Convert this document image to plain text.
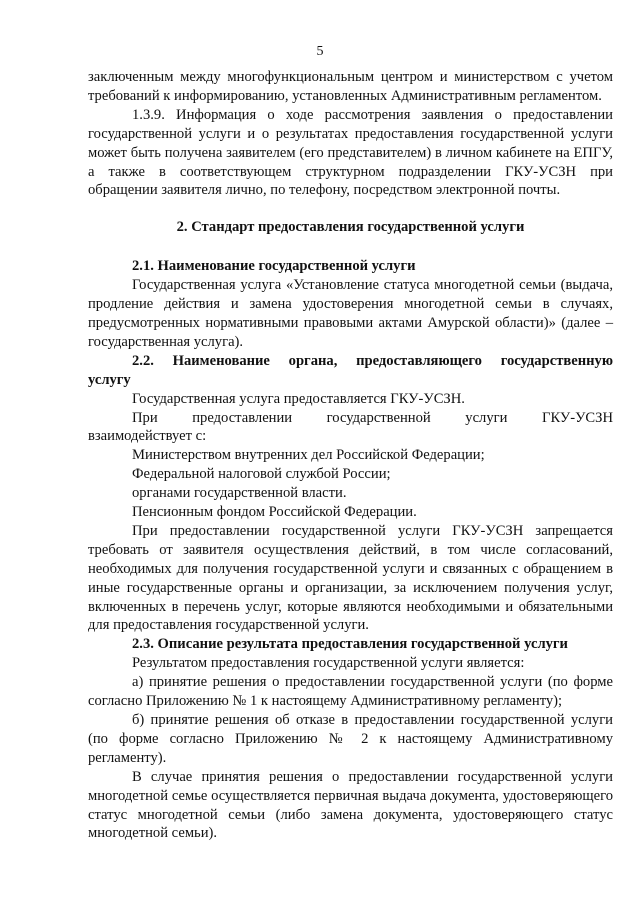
5

заключенным между многофункциональным центром и министерством с учетом требований к информированию, установленных Административным регламентом.

1.3.9. Информация о ходе рассмотрения заявления о предоставлении государственной услуги и о результатах предоставления государственной услуги может быть получена заявителем (его представителем) в личном кабинете на ЕПГУ, а также в соответствующем структурном подразделении ГКУ-УСЗН при обращении заявителя лично, по телефону, посредством электронной почты.

2. Стандарт предоставления государственной услуги

2.1. Наименование государственной услуги

Государственная услуга «Установление статуса многодетной семьи (выдача, продление действия и замена удостоверения многодетной семьи в случаях, предусмотренных нормативными правовыми актами Амурской области)» (далее – государственная услуга).

2.2. Наименование органа, предоставляющего государственную

услугу

Государственная услуга предоставляется ГКУ-УСЗН.

При предоставлении государственной услуги ГКУ-УСЗН

взаимодействует с:

Министерством внутренних дел Российской Федерации;

Федеральной налоговой службой России;

органами государственной власти.

Пенсионным фондом Российской Федерации.

При предоставлении государственной услуги ГКУ-УСЗН запрещается требовать от заявителя осуществления действий, в том числе согласований, необходимых для получения государственной услуги и связанных с обращением в иные государственные органы и организации, за исключением получения услуг, включенных в перечень услуг, которые являются необходимыми и обязательными для предоставления государственной услуги.

2.3. Описание результата предоставления государственной услуги

Результатом предоставления государственной услуги является:

а) принятие решения о предоставлении государственной услуги (по форме согласно Приложению № 1 к настоящему Административному регламенту);

б) принятие решения об отказе в предоставлении государственной услуги (по форме согласно Приложению № 2 к настоящему Административному регламенту).

В случае принятия решения о предоставлении государственной услуги многодетной семье осуществляется первичная выдача документа, удостоверяющего статус многодетной семьи (либо замена документа, удостоверяющего статус многодетной семьи).
